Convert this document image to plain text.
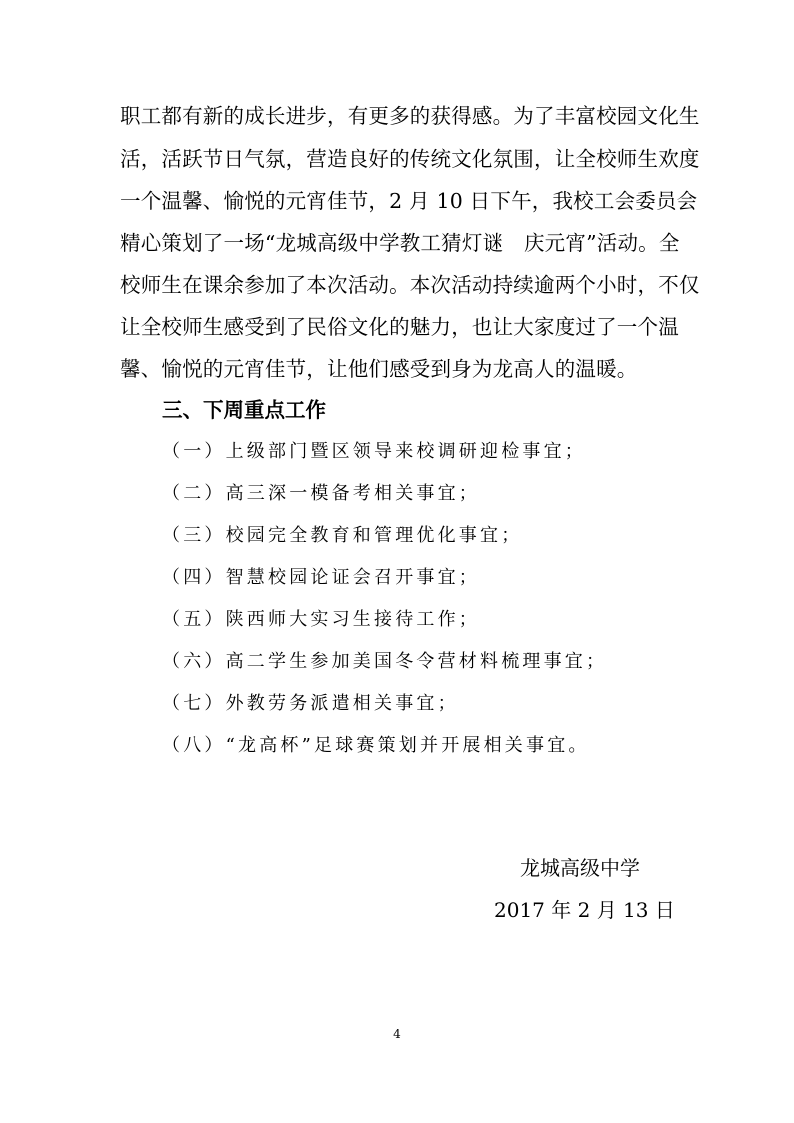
职工都有新的成长进步，有更多的获得感。为了丰富校园文化生
活，活跃节日气氛，营造良好的传统文化氛围，让全校师生欢度
一个温馨、愉悦的元宵佳节，2 月 10 日下午，我校工会委员会
精心策划了一场“龙城高级中学教工猜灯谜　庆元宵”活动。全
校师生在课余参加了本次活动。本次活动持续逾两个小时，不仅
让全校师生感受到了民俗文化的魅力，也让大家度过了一个温
馨、愉悦的元宵佳节，让他们感受到身为龙高人的温暖。
三、下周重点工作
（一）上级部门暨区领导来校调研迎检事宜；
（二）高三深一模备考相关事宜；
（三）校园完全教育和管理优化事宜；
（四）智慧校园论证会召开事宜；
（五）陕西师大实习生接待工作；
（六）高二学生参加美国冬令营材料梳理事宜；
（七）外教劳务派遣相关事宜；
（八）“龙高杯”足球赛策划并开展相关事宜。
龙城高级中学
2017 年 2 月 13 日
4
